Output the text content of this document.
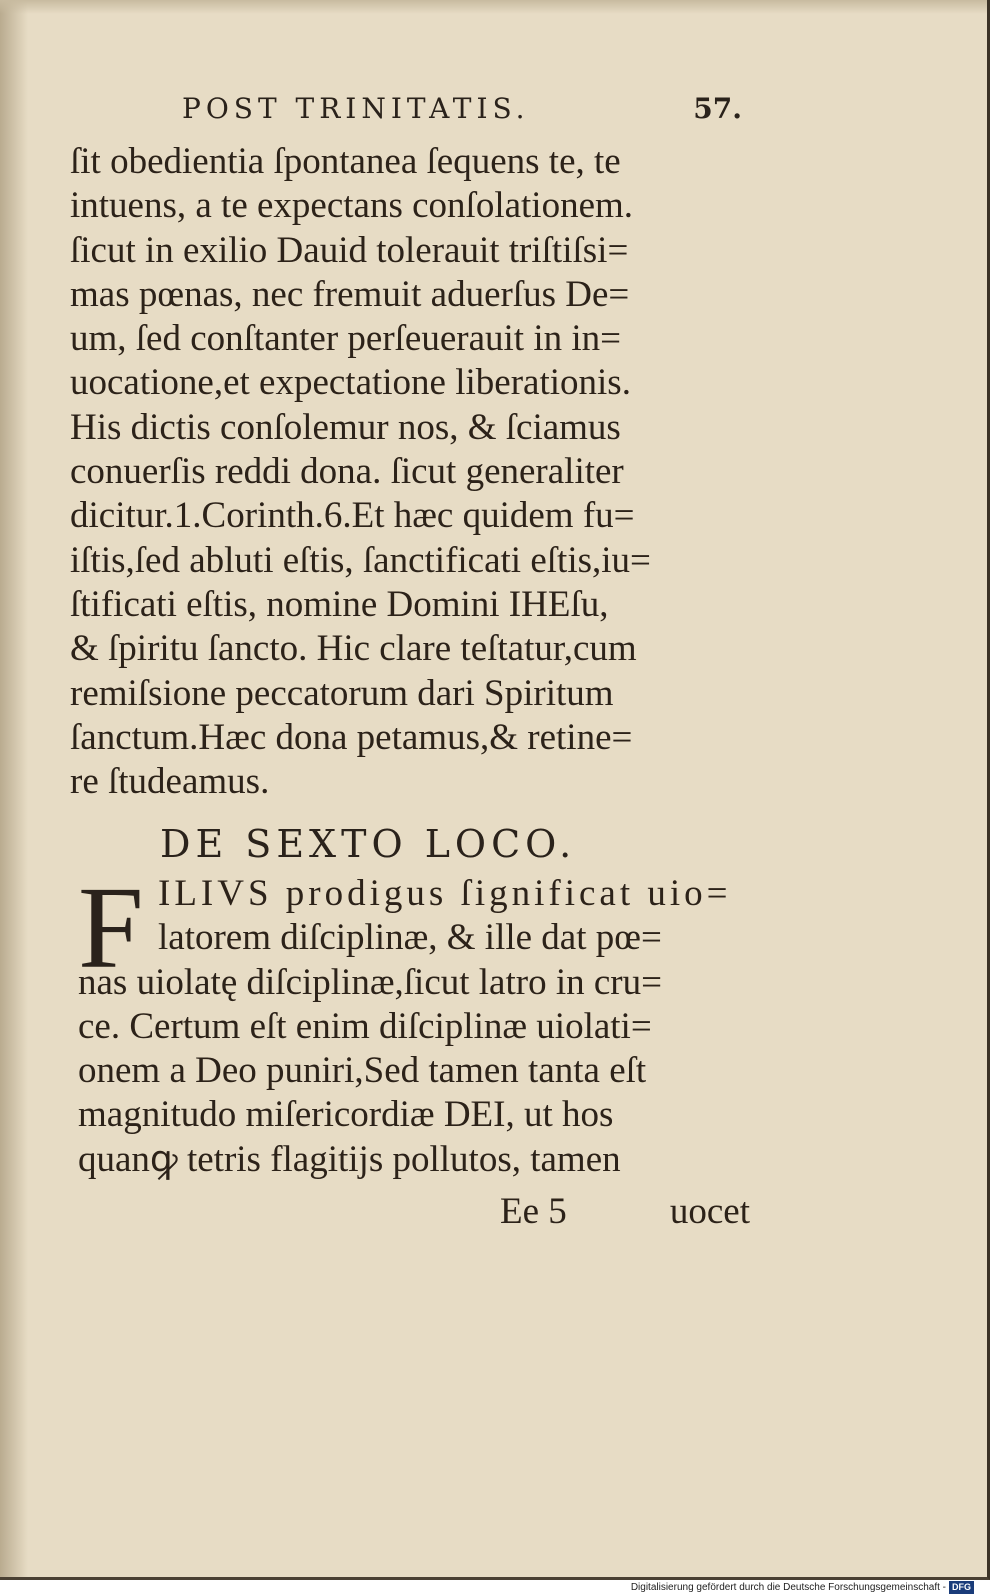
POST TRINITATIS.	57.
ſit obedientia ſpontanea ſequens te, te
intuens, a te expectans conſolationem.
ſicut in exilio Dauid tolerauit triſtiſsi=
mas pœnas, nec fremuit aduerſus De=
um, ſed conſtanter perſeuerauit in in=
uocatione,et expectatione liberationis.
His dictis conſolemur nos, & ſciamus
conuerſis reddi dona. ſicut generaliter
dicitur.1.Corinth.6.Et hæc quidem fu=
iſtis,ſed abluti eſtis, ſanctificati eſtis,iu=
ſtificati eſtis, nomine Domini IHEſu,
& ſpiritu ſancto. Hic clare teſtatur,cum
remiſsione peccatorum dari Spiritum
ſanctum.Hæc dona petamus,& retine=
re ſtudeamus.
DE SEXTO LOCO.
F ILIVS prodigus ſignificat uio=
latorem diſciplinæ, & ille dat pœ=
nas uiolatę diſciplinæ,ſicut latro in cru=
ce. Certum eſt enim diſciplinæ uiolati=
onem a Deo puniri,Sed tamen tanta eſt
magnitudo miſericordiæ DEI, ut hos
quanꝙ tetris flagitijs pollutos, tamen
Ee 5	uocet
Digitalisierung gefördert durch die Deutsche Forschungsgemeinschaft - DFG
